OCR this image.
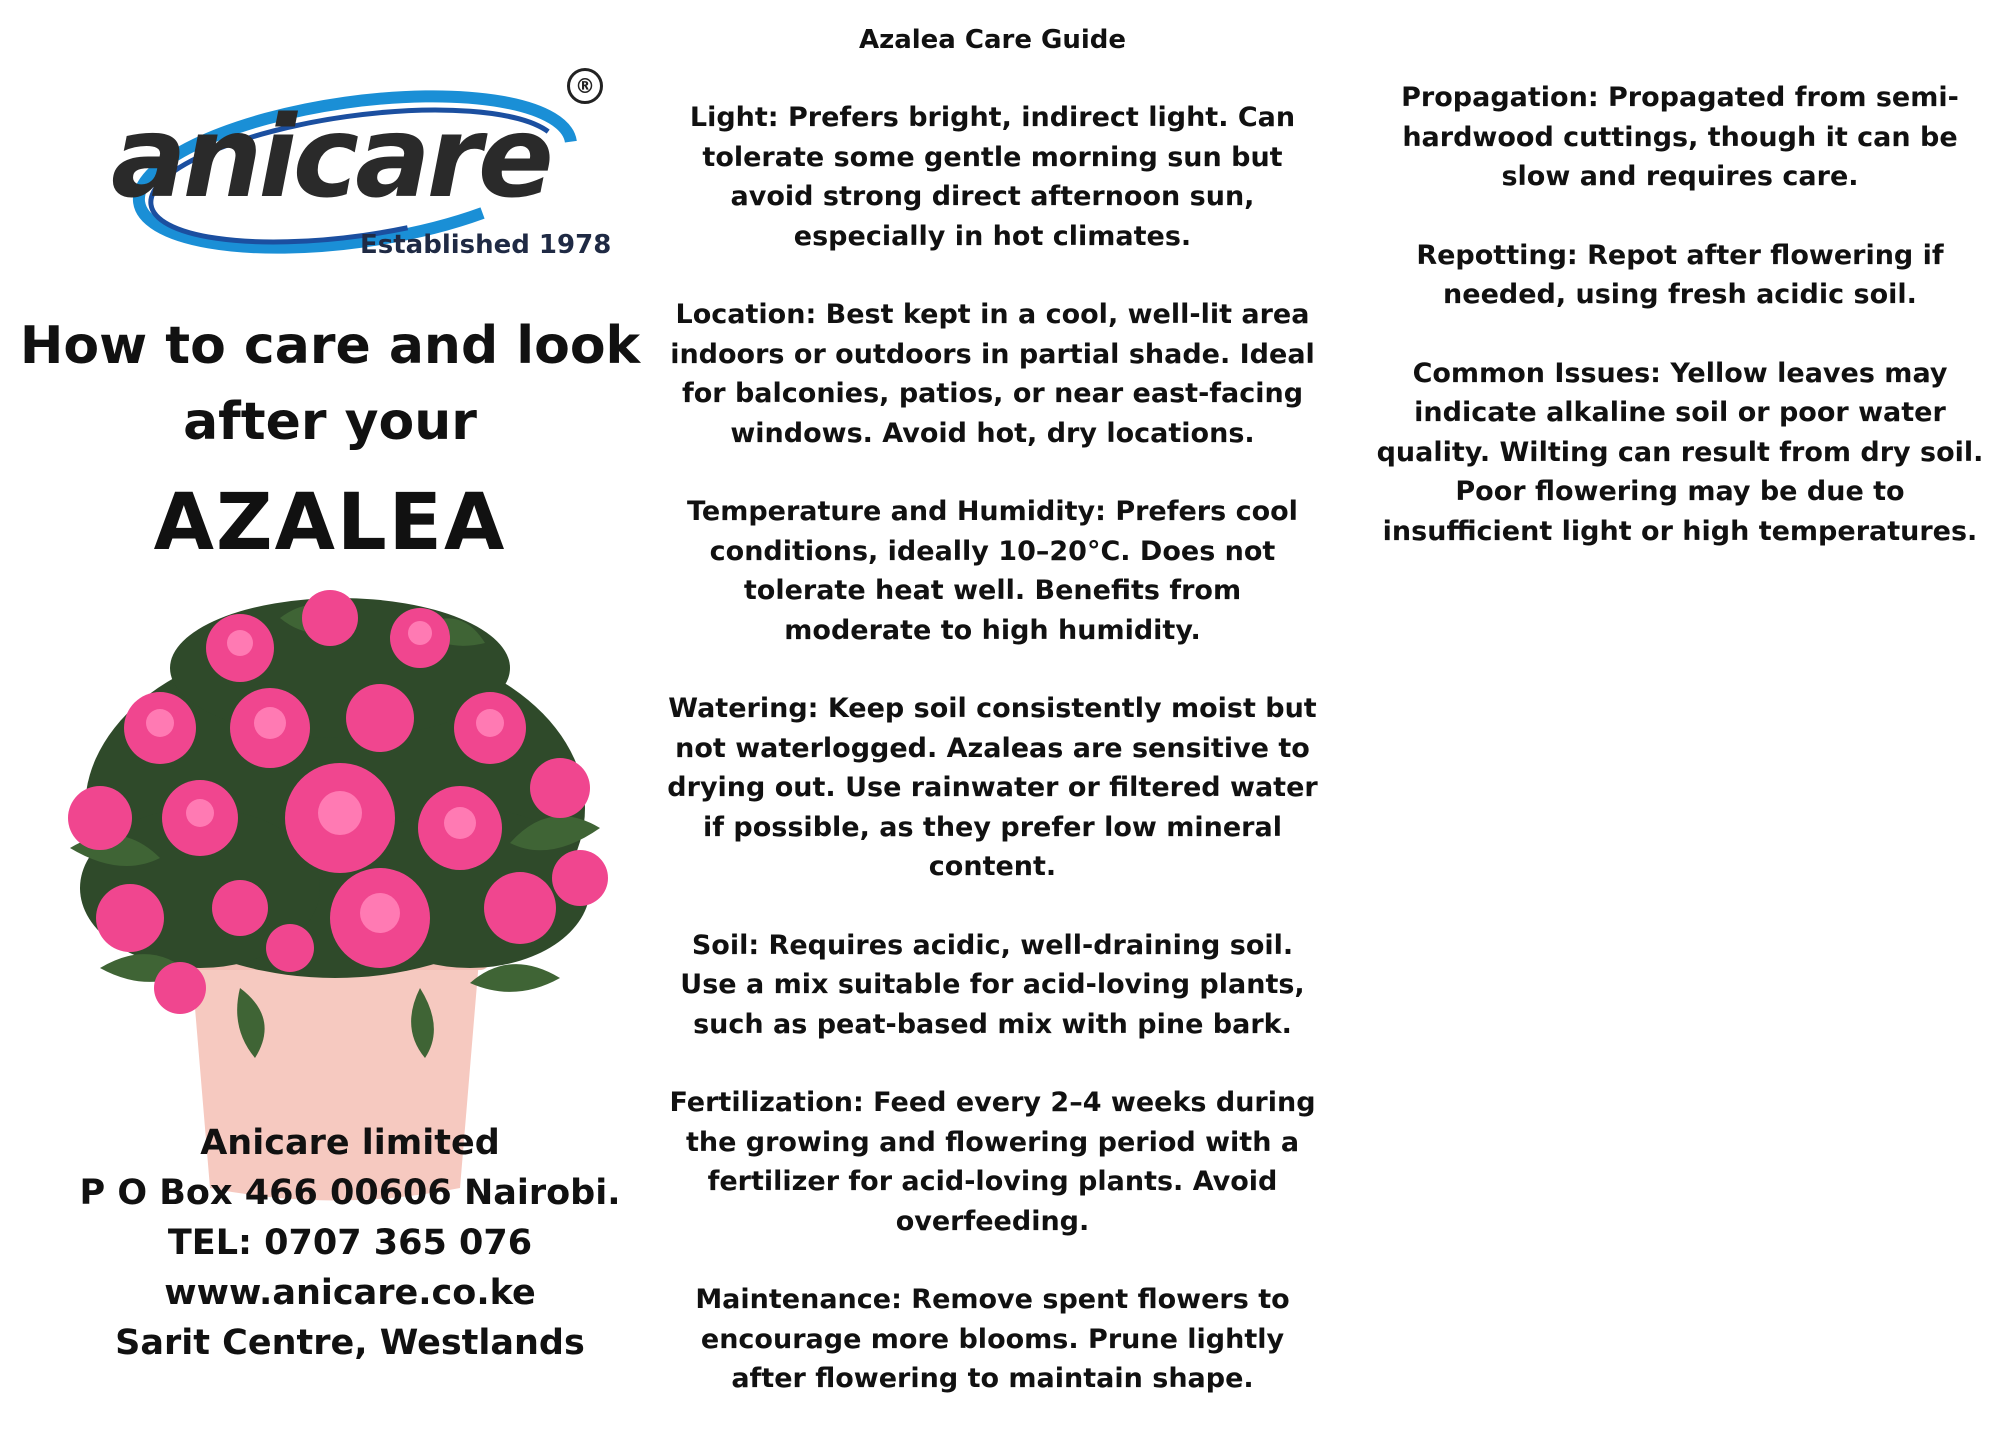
anicare
®
Established 1978
How to care and look
after your
AZALEA
Anicare limited
P O Box 466 00606 Nairobi.
TEL: 0707 365 076
www.anicare.co.ke
Sarit Centre, Westlands
Azalea Care Guide
Light: Prefers bright, indirect light. Can tolerate some gentle morning sun but avoid strong direct afternoon sun, especially in hot climates.
Location: Best kept in a cool, well-lit area indoors or outdoors in partial shade. Ideal for balconies, patios, or near east-facing windows. Avoid hot, dry locations.
Temperature and Humidity: Prefers cool conditions, ideally 10–20°C. Does not tolerate heat well. Benefits from moderate to high humidity.
Watering: Keep soil consistently moist but not waterlogged. Azaleas are sensitive to drying out. Use rainwater or filtered water if possible, as they prefer low mineral content.
Soil: Requires acidic, well-draining soil. Use a mix suitable for acid-loving plants, such as peat-based mix with pine bark.
Fertilization: Feed every 2–4 weeks during the growing and flowering period with a fertilizer for acid-loving plants. Avoid overfeeding.
Maintenance: Remove spent flowers to encourage more blooms. Prune lightly after flowering to maintain shape.
Propagation: Propagated from semi-hardwood cuttings, though it can be slow and requires care.
Repotting: Repot after flowering if needed, using fresh acidic soil.
Common Issues: Yellow leaves may indicate alkaline soil or poor water quality. Wilting can result from dry soil. Poor flowering may be due to insufficient light or high temperatures.
